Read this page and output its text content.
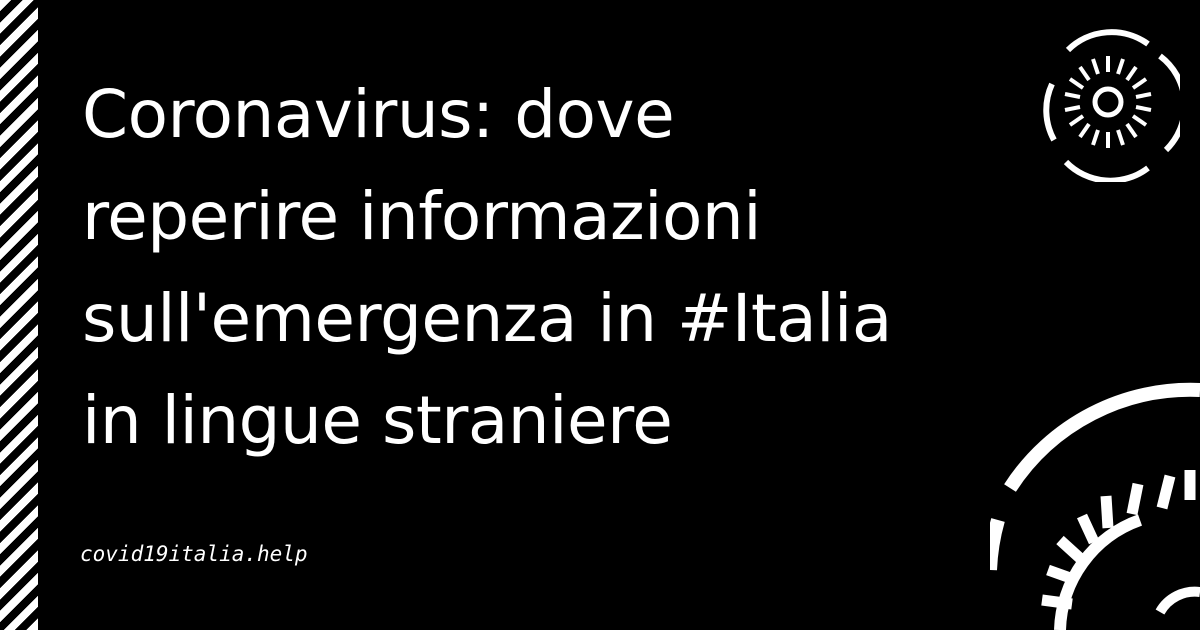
Coronavirus: dove
reperire informazioni
sull'emergenza in #Italia
in lingue straniere
covid19italia.help
